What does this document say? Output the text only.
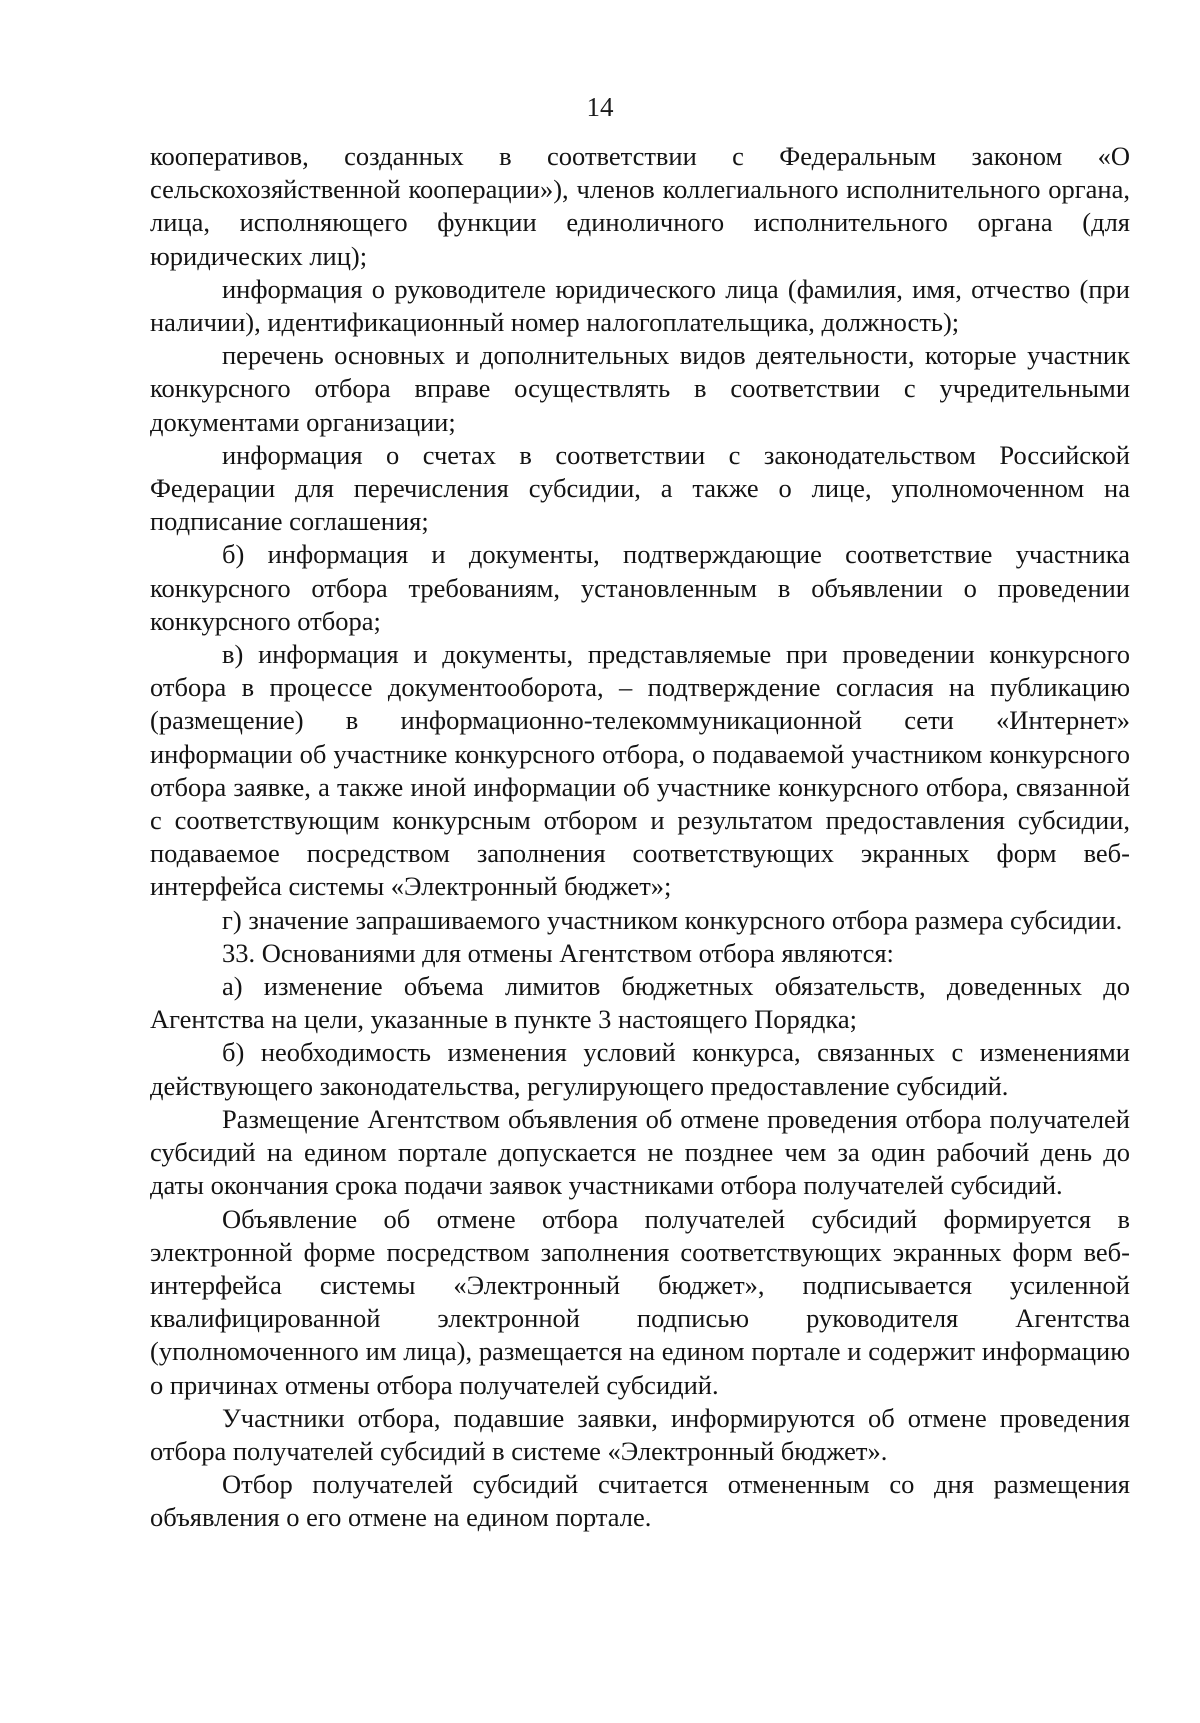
14

кооперативов, созданных в соответствии с Федеральным законом «О сельскохозяйственной кооперации»), членов коллегиального исполнительного органа, лица, исполняющего функции единоличного исполнительного органа (для юридических лиц);

информация о руководителе юридического лица (фамилия, имя, отчество (при наличии), идентификационный номер налогоплательщика, должность);

перечень основных и дополнительных видов деятельности, которые участник конкурсного отбора вправе осуществлять в соответствии с учредительными документами организации;

информация о счетах в соответствии с законодательством Российской Федерации для перечисления субсидии, а также о лице, уполномоченном на подписание соглашения;

б) информация и документы, подтверждающие соответствие участника конкурсного отбора требованиям, установленным в объявлении о проведении конкурсного отбора;

в) информация и документы, представляемые при проведении конкурсного отбора в процессе документооборота, – подтверждение согласия на публикацию (размещение) в информационно-телекоммуникационной сети «Интернет» информации об участнике конкурсного отбора, о подаваемой участником конкурсного отбора заявке, а также иной информации об участнике конкурсного отбора, связанной с соответствующим конкурсным отбором и результатом предоставления субсидии, подаваемое посредством заполнения соответствующих экранных форм веб-интерфейса системы «Электронный бюджет»;

г) значение запрашиваемого участником конкурсного отбора размера субсидии.

33. Основаниями для отмены Агентством отбора являются:

а) изменение объема лимитов бюджетных обязательств, доведенных до Агентства на цели, указанные в пункте 3 настоящего Порядка;

б) необходимость изменения условий конкурса, связанных с изменениями действующего законодательства, регулирующего предоставление субсидий.

Размещение Агентством объявления об отмене проведения отбора получателей субсидий на едином портале допускается не позднее чем за один рабочий день до даты окончания срока подачи заявок участниками отбора получателей субсидий.

Объявление об отмене отбора получателей субсидий формируется в электронной форме посредством заполнения соответствующих экранных форм веб-интерфейса системы «Электронный бюджет», подписывается усиленной квалифицированной электронной подписью руководителя Агентства (уполномоченного им лица), размещается на едином портале и содержит информацию о причинах отмены отбора получателей субсидий.

Участники отбора, подавшие заявки, информируются об отмене проведения отбора получателей субсидий в системе «Электронный бюджет».

Отбор получателей субсидий считается отмененным со дня размещения объявления о его отмене на едином портале.
